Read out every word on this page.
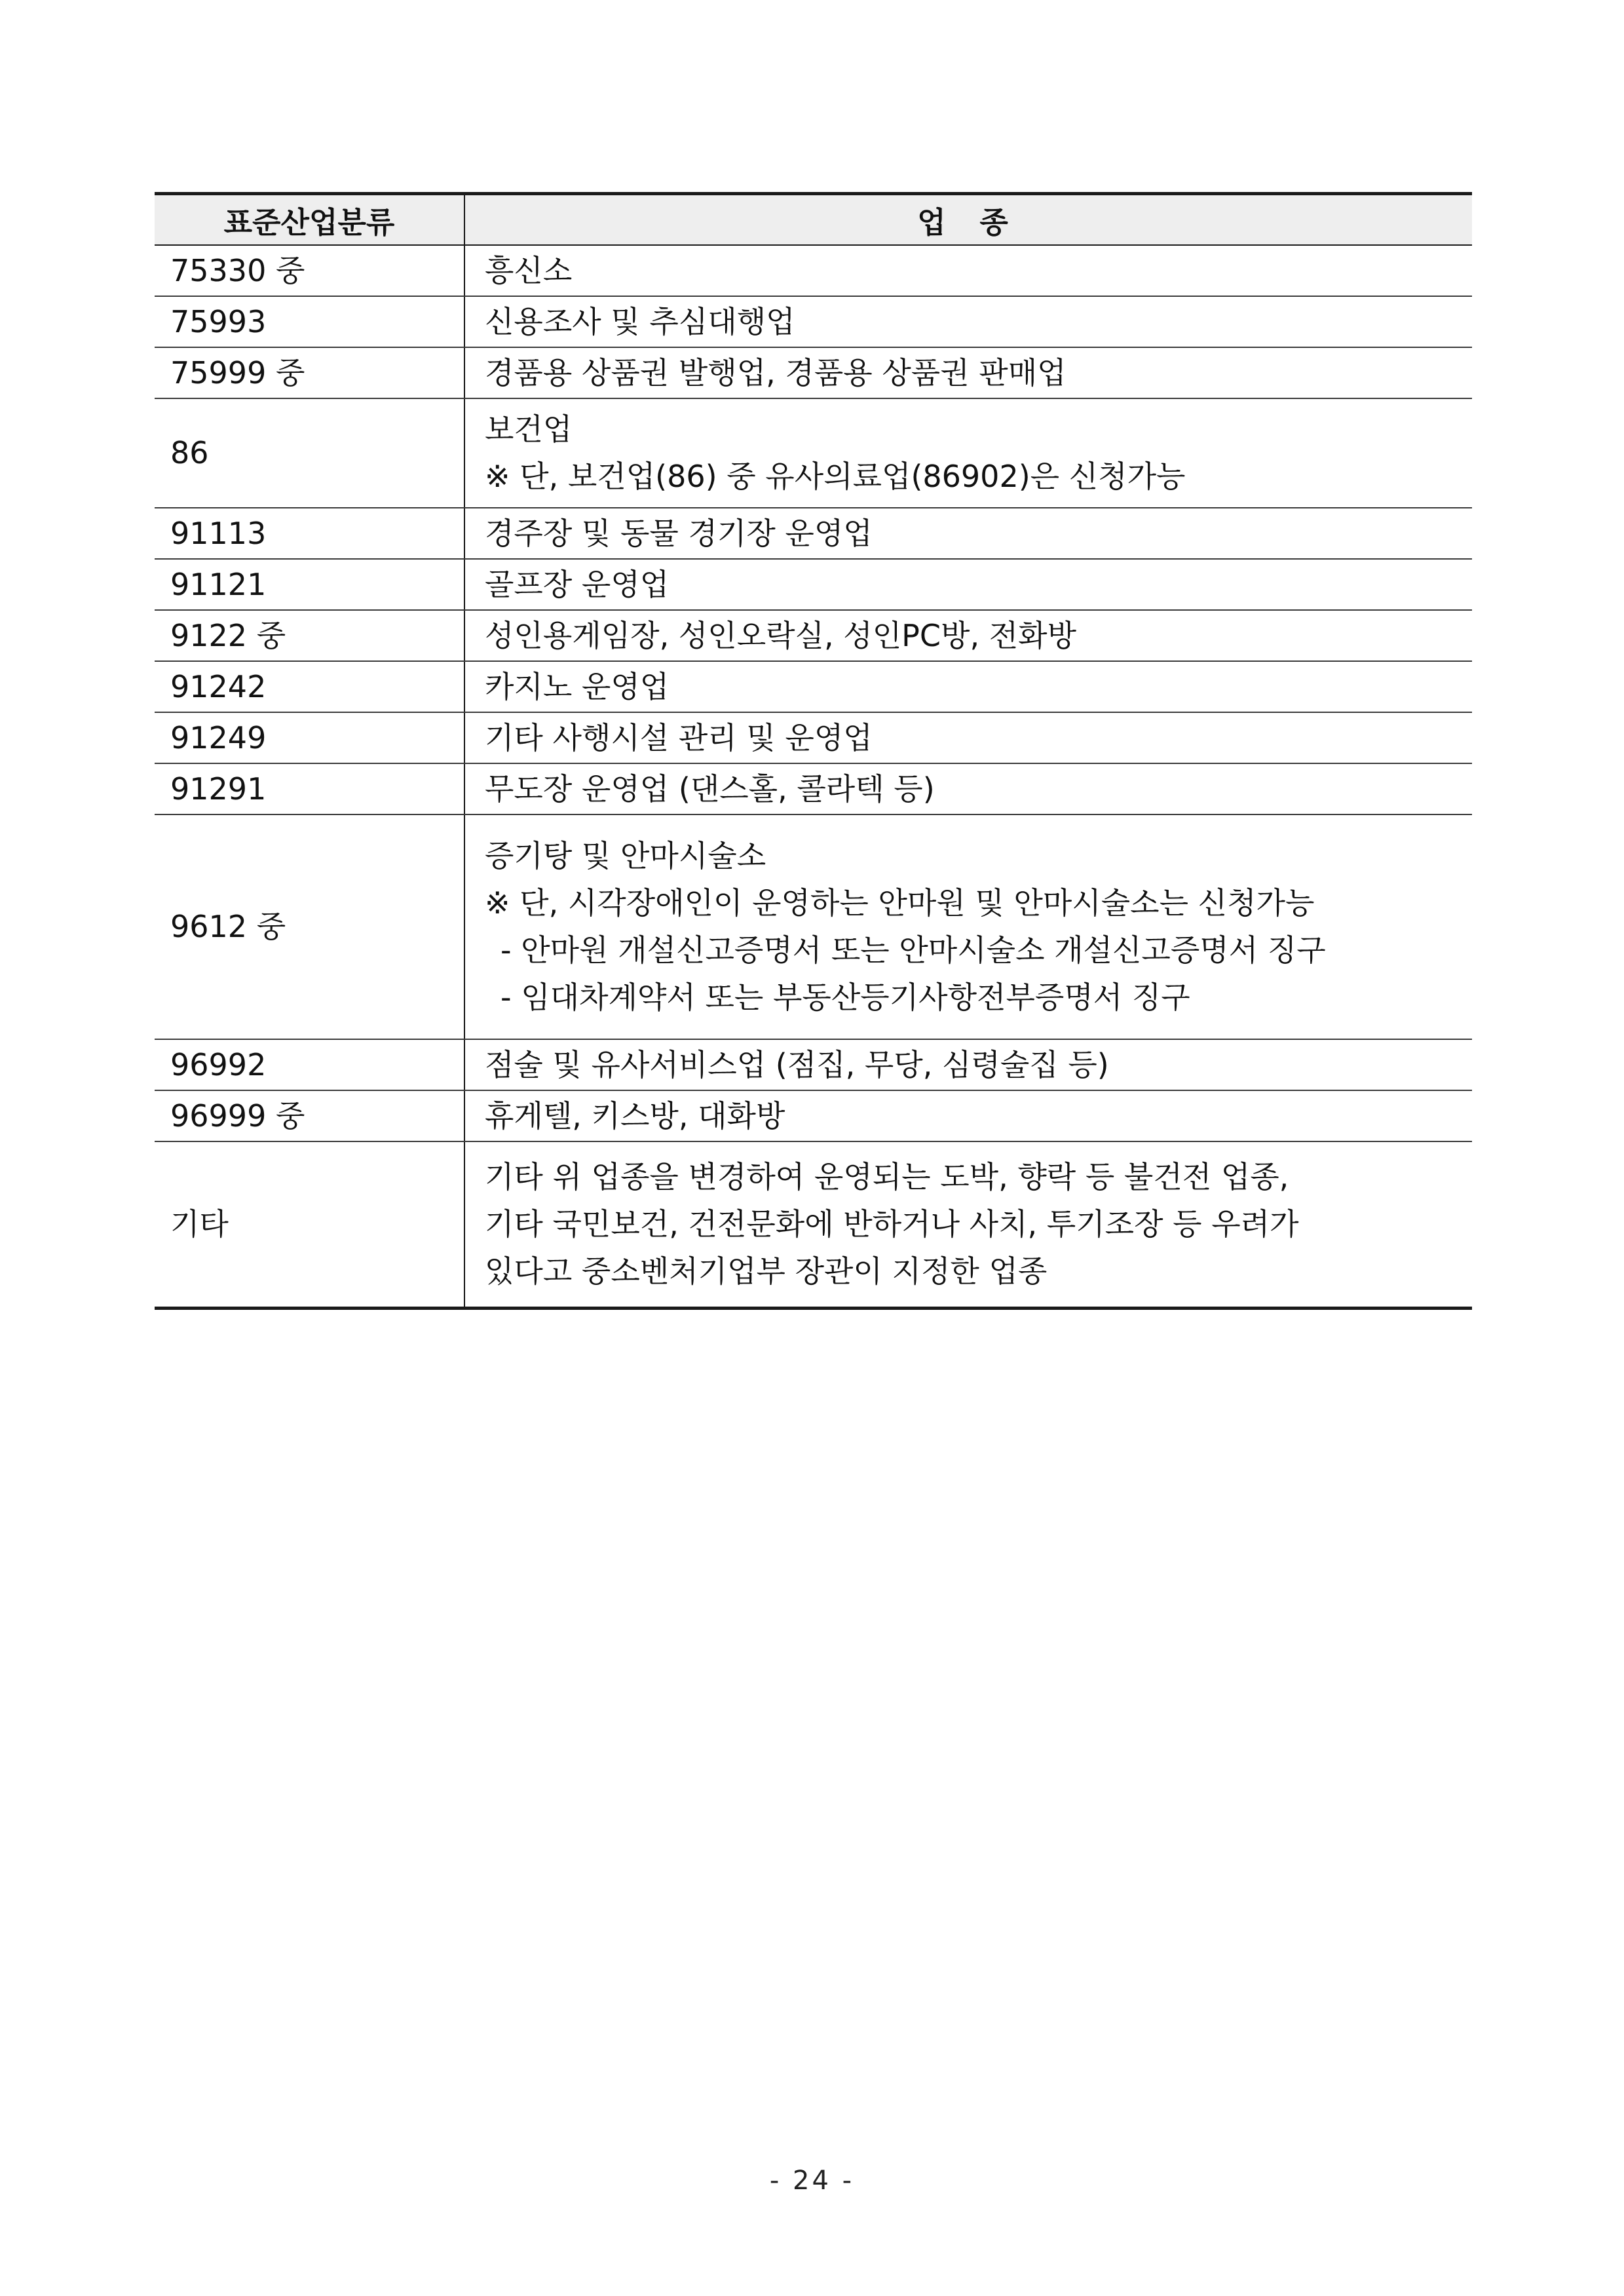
표준산업분류	업 종
75330 중	흥신소

75993	신용조사 및 추심대행업

75999 중	경품용 상품권 발행업, 경품용 상품권 판매업

86	보건업
※ 단, 보건업(86) 중 유사의료업(86902)은 신청가능

91113	경주장 및 동물 경기장 운영업

91121	골프장 운영업

9122 중	성인용게임장, 성인오락실, 성인PC방, 전화방

91242	카지노 운영업

91249	기타 사행시설 관리 및 운영업

91291	무도장 운영업 (댄스홀, 콜라텍 등)

9612 중	증기탕 및 안마시술소
※ 단, 시각장애인이 운영하는 안마원 및 안마시술소는 신청가능
- 안마원 개설신고증명서 또는 안마시술소 개설신고증명서 징구
- 임대차계약서 또는 부동산등기사항전부증명서 징구

96992	점술 및 유사서비스업 (점집, 무당, 심령술집 등)

96999 중	휴게텔, 키스방, 대화방

기타	기타 위 업종을 변경하여 운영되는 도박, 향락 등 불건전 업종,
기타 국민보건, 건전문화에 반하거나 사치, 투기조장 등 우려가
있다고 중소벤처기업부 장관이 지정한 업종
- 24 -
